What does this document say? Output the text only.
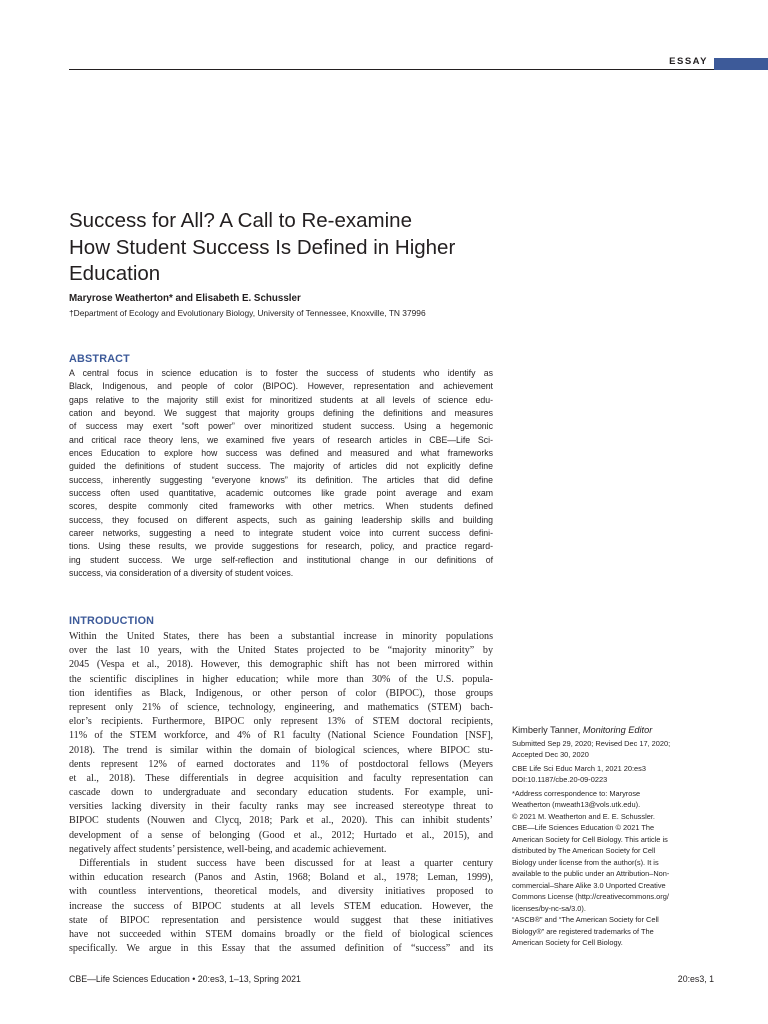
ESSAY
Success for All? A Call to Re-examine
How Student Success Is Defined in Higher
Education
Maryrose Weatherton* and Elisabeth E. Schussler
†Department of Ecology and Evolutionary Biology, University of Tennessee, Knoxville, TN 37996
ABSTRACT
A central focus in science education is to foster the success of students who identify as
Black, Indigenous, and people of color (BIPOC). However, representation and achievement
gaps relative to the majority still exist for minoritized students at all levels of science edu-
cation and beyond. We suggest that majority groups defining the definitions and measures
of success may exert “soft power” over minoritized student success. Using a hegemonic
and critical race theory lens, we examined five years of research articles in CBE—Life Sci-
ences Education to explore how success was defined and measured and what frameworks
guided the definitions of student success. The majority of articles did not explicitly define
success, inherently suggesting “everyone knows” its definition. The articles that did define
success often used quantitative, academic outcomes like grade point average and exam
scores, despite commonly cited frameworks with other metrics. When students defined
success, they focused on different aspects, such as gaining leadership skills and building
career networks, suggesting a need to integrate student voice into current success defini-
tions. Using these results, we provide suggestions for research, policy, and practice regard-
ing student success. We urge self-reflection and institutional change in our definitions of
success, via consideration of a diversity of student voices.
INTRODUCTION
Within the United States, there has been a substantial increase in minority populations
over the last 10 years, with the United States projected to be “majority minority” by
2045 (Vespa et al., 2018). However, this demographic shift has not been mirrored within
the scientific disciplines in higher education; while more than 30% of the U.S. popula-
tion identifies as Black, Indigenous, or other person of color (BIPOC), those groups
represent only 21% of science, technology, engineering, and mathematics (STEM) bach-
elor’s recipients. Furthermore, BIPOC only represent 13% of STEM doctoral recipients,
11% of the STEM workforce, and 4% of R1 faculty (National Science Foundation [NSF],
2018). The trend is similar within the domain of biological sciences, where BIPOC stu-
dents represent 12% of earned doctorates and 11% of postdoctoral fellows (Meyers
et al., 2018). These differentials in degree acquisition and faculty representation can
cascade down to undergraduate and secondary education students. For example, uni-
versities lacking diversity in their faculty ranks may see increased stereotype threat to
BIPOC students (Nouwen and Clycq, 2018; Park et al., 2020). This can inhibit students’
development of a sense of belonging (Good et al., 2012; Hurtado et al., 2015), and
negatively affect students’ persistence, well-being, and academic achievement.
 Differentials in student success have been discussed for at least a quarter century
within education research (Panos and Astin, 1968; Boland et al., 1978; Leman, 1999),
with countless interventions, theoretical models, and diversity initiatives proposed to
increase the success of BIPOC students at all levels STEM education. However, the
state of BIPOC representation and persistence would suggest that these initiatives
have not succeeded within STEM domains broadly or the field of biological sciences
specifically. We argue in this Essay that the assumed definition of “success” and its
Kimberly Tanner, Monitoring Editor
Submitted Sep 29, 2020; Revised Dec 17, 2020;
Accepted Dec 30, 2020
CBE Life Sci Educ March 1, 2021 20:es3
DOI:10.1187/cbe.20-09-0223
*Address correspondence to: Maryrose
Weatherton (mweath13@vols.utk.edu).
© 2021 M. Weatherton and E. E. Schussler.
CBE—Life Sciences Education © 2021 The
American Society for Cell Biology. This article is
distributed by The American Society for Cell
Biology under license from the author(s). It is
available to the public under an Attribution–Non-
commercial–Share Alike 3.0 Unported Creative
Commons License (http://creativecommons.org/
licenses/by-nc-sa/3.0).
“ASCB®” and “The American Society for Cell
Biology®” are registered trademarks of The
American Society for Cell Biology.
CBE—Life Sciences Education • 20:es3, 1–13, Spring 2021	20:es3, 1
